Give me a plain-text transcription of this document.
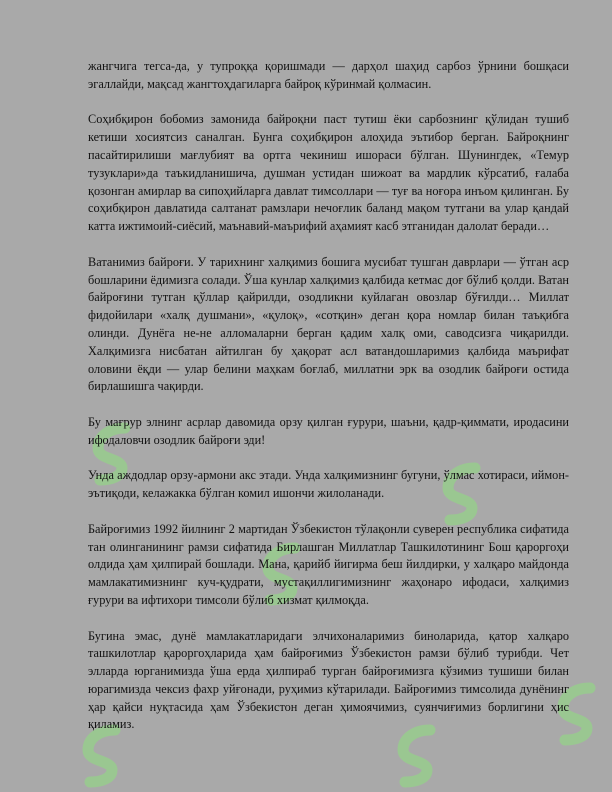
жангчига тегса-да, у тупроққа қоришмади — дарҳол шаҳид сарбоз ўрнини бошқаси эгаллайди, мақсад жангтоҳдагиларга байроқ кўринмай қолмасин.

Соҳибқирон бобомиз замонида байроқни паст тутиш ёки сарбознинг қўлидан тушиб кетиши хосиятсиз саналган. Бунга соҳибқирон алоҳида эътибор берган. Байроқнинг пасайтирилиши мағлубият ва ортга чекиниш ишораси бўлган. Шунингдек, «Темур тузуклари»да таъкидланишича, душман устидан шижоат ва мардлик кўрсатиб, ғалаба қозонган амирлар ва сипоҳийларга давлат тимсоллари — туғ ва ноғора инъом қилинган. Бу соҳибқирон давлатида салтанат рамзлари нечоғлик баланд мақом тутгани ва улар қандай катта ижтимоий-сиёсий, маънавий-маърифий аҳамият касб этганидан далолат беради…

Ватанимиз байроғи. У тарихнинг халқимиз бошига мусибат тушган даврлари — ўтган аср бошларини ёдимизга солади. Ўша кунлар халқимиз қалбида кетмас доғ бўлиб қолди. Ватан байроғини тутган қўллар қайрилди, озодликни куйлаган овозлар бўғилди… Миллат фидойилари «халқ душмани», «қулоқ», «сотқин» деган қора номлар билан таъқибга олинди. Дунёга не-не алломаларни берган қадим халқ оми, саводсизга чиқарилди. Халқимизга нисбатан айтилган бу ҳақорат асл ватандошларимиз қалбида маърифат оловини ёқди — улар белини маҳкам боғлаб, миллатни эрк ва озодлик байроғи остида бирлашишга чақирди.

Бу мағрур элнинг асрлар давомида орзу қилган ғурури, шаъни, қадр-қиммати, иродасини ифодаловчи озодлик байроғи эди!

Унда аждодлар орзу-армони акс этади. Унда халқимизнинг бугуни, ўлмас хотираси, иймон-эътиқоди, келажакка бўлган комил ишончи жилоланади.

Байроғимиз 1992 йилнинг 2 мартидан Ўзбекистон тўлақонли суверен республика сифатида тан олинганининг рамзи сифатида Бирлашган Миллатлар Ташкилотининг Бош қароргоҳи олдида ҳам ҳилпирай бошлади. Мана, қарийб йигирма беш йилдирки, у халқаро майдонда мамлакатимизнинг куч-қудрати, мустақиллигимизнинг жаҳонаро ифодаси, халқимиз ғурури ва ифтихори тимсоли бўлиб хизмат қилмоқда.

Бугина эмас, дунё мамлакатларидаги элчихоналаримиз биноларида, қатор халқаро ташкилотлар қароргоҳларида ҳам байроғимиз Ўзбекистон рамзи бўлиб турибди. Чет элларда юрганимизда ўша ерда ҳилпираб турган байроғимизга кўзимиз тушиши билан юрагимизда чексиз фахр уйғонади, руҳимиз кўтарилади. Байроғимиз тимсолида дунёнинг ҳар қайси нуқтасида ҳам Ўзбекистон деган ҳимоячимиз, суянчиғимиз борлигини ҳис қиламиз.
